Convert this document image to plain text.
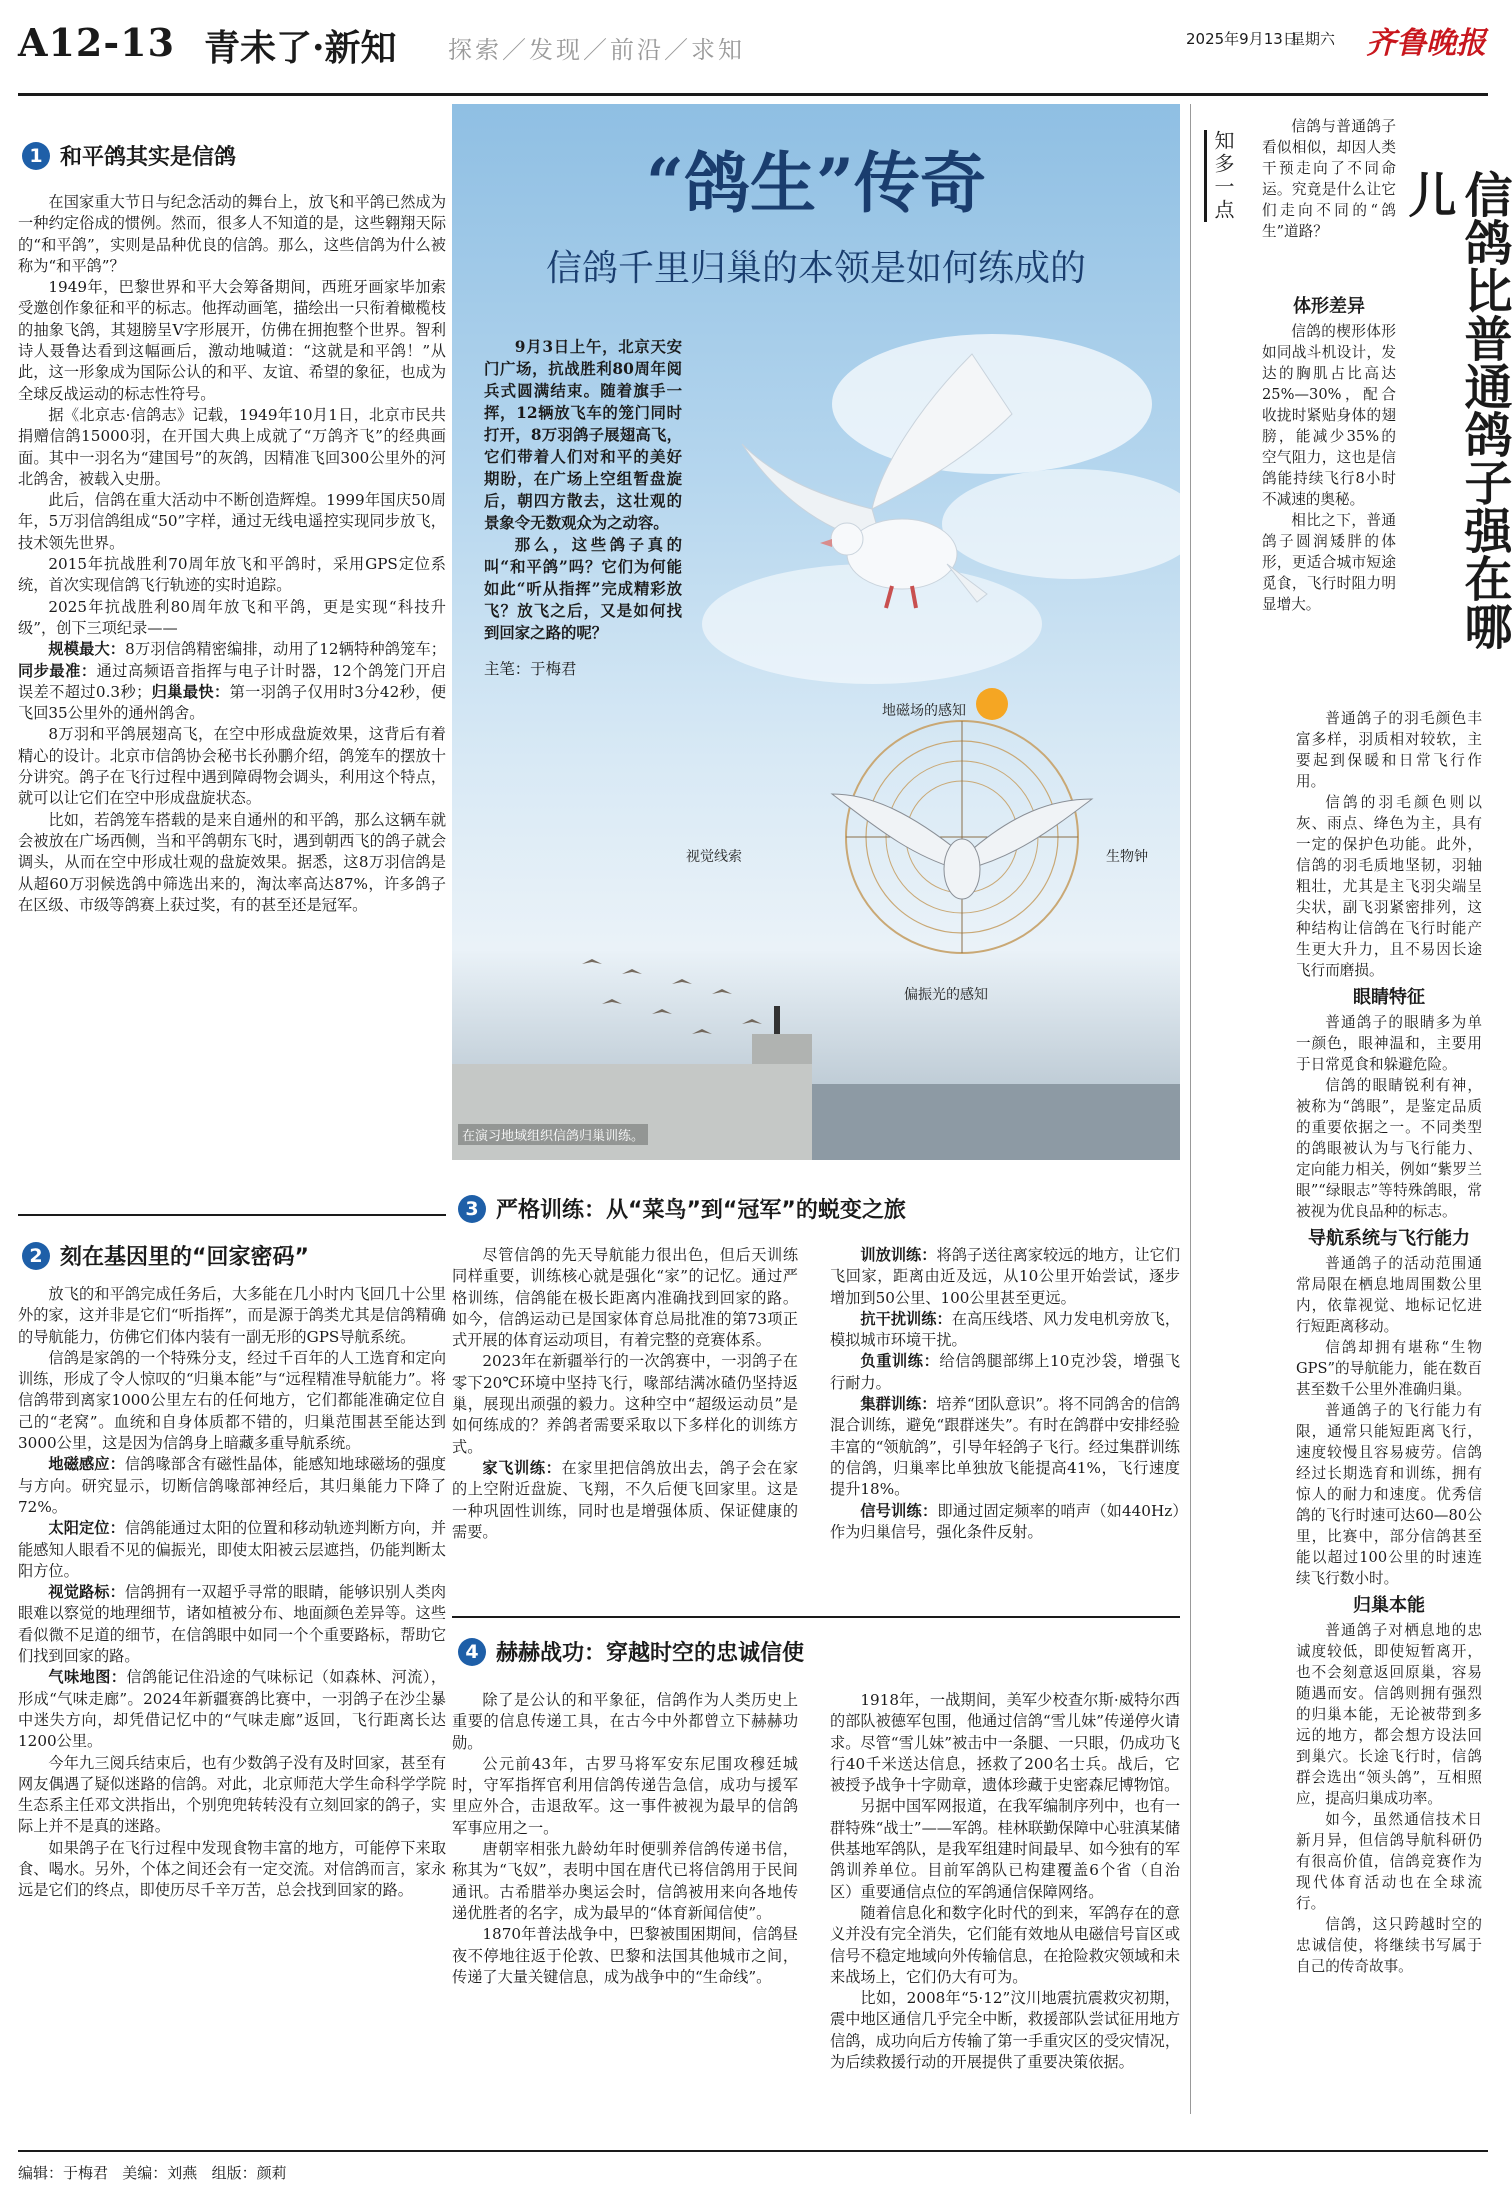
A12-13 青未了·新知 探索／发现／前沿／求知	2025年9月13日
星期六 齐鲁晚报
1 和平鸽其实是信鸽

在国家重大节日与纪念活动的舞台上，放飞和平鸽已然成为一种约定俗成的惯例。然而，很多人不知道的是，这些翱翔天际的“和平鸽”，实则是品种优良的信鸽。那么，这些信鸽为什么被称为“和平鸽”？

1949年，巴黎世界和平大会筹备期间，西班牙画家毕加索受邀创作象征和平的标志。他挥动画笔，描绘出一只衔着橄榄枝的抽象飞鸽，其翅膀呈V字形展开，仿佛在拥抱整个世界。智利诗人聂鲁达看到这幅画后，激动地喊道：“这就是和平鸽！”从此，这一形象成为国际公认的和平、友谊、希望的象征，也成为全球反战运动的标志性符号。

据《北京志·信鸽志》记载，1949年10月1日，北京市民共捐赠信鸽15000羽，在开国大典上成就了“万鸽齐飞”的经典画面。其中一羽名为“建国号”的灰鸽，因精准飞回300公里外的河北鸽舍，被载入史册。

此后，信鸽在重大活动中不断创造辉煌。1999年国庆50周年，5万羽信鸽组成“50”字样，通过无线电遥控实现同步放飞，技术领先世界。

2015年抗战胜利70周年放飞和平鸽时，采用GPS定位系统，首次实现信鸽飞行轨迹的实时追踪。

2025年抗战胜利80周年放飞和平鸽，更是实现“科技升级”，创下三项纪录——

规模最大：8万羽信鸽精密编排，动用了12辆特种鸽笼车；同步最准：通过高频语音指挥与电子计时器，12个鸽笼门开启误差不超过0.3秒；归巢最快：第一羽鸽子仅用时3分42秒，便飞回35公里外的通州鸽舍。

8万羽和平鸽展翅高飞，在空中形成盘旋效果，这背后有着精心的设计。北京市信鸽协会秘书长孙鹏介绍，鸽笼车的摆放十分讲究。鸽子在飞行过程中遇到障碍物会调头，利用这个特点，就可以让它们在空中形成盘旋状态。

比如，若鸽笼车搭载的是来自通州的和平鸽，那么这辆车就会被放在广场西侧，当和平鸽朝东飞时，遇到朝西飞的鸽子就会调头，从而在空中形成壮观的盘旋效果。据悉，这8万羽信鸽是从超60万羽候选鸽中筛选出来的，淘汰率高达87%，许多鸽子在区级、市级等鸽赛上获过奖，有的甚至还是冠军。

2 刻在基因里的“回家密码”

放飞的和平鸽完成任务后，大多能在几小时内飞回几十公里外的家，这并非是它们“听指挥”，而是源于鸽类尤其是信鸽精确的导航能力，仿佛它们体内装有一副无形的GPS导航系统。

信鸽是家鸽的一个特殊分支，经过千百年的人工选育和定向训练，形成了令人惊叹的“归巢本能”与“远程精准导航能力”。将信鸽带到离家1000公里左右的任何地方，它们都能准确定位自己的“老窝”。血统和自身体质都不错的，归巢范围甚至能达到3000公里，这是因为信鸽身上暗藏多重导航系统。

地磁感应：信鸽喙部含有磁性晶体，能感知地球磁场的强度与方向。研究显示，切断信鸽喙部神经后，其归巢能力下降了72%。

太阳定位：信鸽能通过太阳的位置和移动轨迹判断方向，并能感知人眼看不见的偏振光，即使太阳被云层遮挡，仍能判断太阳方位。

视觉路标：信鸽拥有一双超乎寻常的眼睛，能够识别人类肉眼难以察觉的地理细节，诸如植被分布、地面颜色差异等。这些看似微不足道的细节，在信鸽眼中如同一个个重要路标，帮助它们找到回家的路。

气味地图：信鸽能记住沿途的气味标记（如森林、河流），形成“气味走廊”。2024年新疆赛鸽比赛中，一羽鸽子在沙尘暴中迷失方向，却凭借记忆中的“气味走廊”返回，飞行距离长达1200公里。

今年九三阅兵结束后，也有少数鸽子没有及时回家，甚至有网友偶遇了疑似迷路的信鸽。对此，北京师范大学生命科学学院生态系主任邓文洪指出，个别兜兜转转没有立刻回家的鸽子，实际上并不是真的迷路。

如果鸽子在飞行过程中发现食物丰富的地方，可能停下来取食、喝水。另外，个体之间还会有一定交流。对信鸽而言，家永远是它们的终点，即使历尽千辛万苦，总会找到回家的路。

“鸽生”传奇
信鸽千里归巢的本领是如何练成的

9月3日上午，北京天安门广场，抗战胜利80周年阅兵式圆满结束。随着旗手一挥，12辆放飞车的笼门同时打开，8万羽鸽子展翅高飞，它们带着人们对和平的美好期盼，在广场上空组暂盘旋后，朝四方散去，这壮观的景象令无数观众为之动容。

那么，这些鸽子真的叫“和平鸽”吗？它们为何能如此“听从指挥”完成精彩放飞？放飞之后，又是如何找到回家之路的呢？

主笔：于梅君

地磁场的感知
视觉线索	生物钟
偏振光的感知
在演习地域组织信鸽归巢训练。
3 严格训练：从“菜鸟”到“冠军”的蜕变之旅

尽管信鸽的先天导航能力很出色，但后天训练同样重要，训练核心就是强化“家”的记忆。通过严格训练，信鸽能在极长距离内准确找到回家的路。如今，信鸽运动已是国家体育总局批准的第73项正式开展的体育运动项目，有着完整的竞赛体系。

2023年在新疆举行的一次鸽赛中，一羽鸽子在零下20℃环境中坚持飞行，喙部结满冰碴仍坚持返巢，展现出顽强的毅力。这种空中“超级运动员”是如何练成的？养鸽者需要采取以下多样化的训练方式。

家飞训练：在家里把信鸽放出去，鸽子会在家的上空附近盘旋、飞翔，不久后便飞回家里。这是一种巩固性训练，同时也是增强体质、保证健康的需要。

训放训练：将鸽子送往离家较远的地方，让它们飞回家，距离由近及远，从10公里开始尝试，逐步增加到50公里、100公里甚至更远。

抗干扰训练：在高压线塔、风力发电机旁放飞，模拟城市环境干扰。

负重训练：给信鸽腿部绑上10克沙袋，增强飞行耐力。

集群训练：培养“团队意识”。将不同鸽舍的信鸽混合训练，避免“跟群迷失”。有时在鸽群中安排经验丰富的“领航鸽”，引导年轻鸽子飞行。经过集群训练的信鸽，归巢率比单独放飞能提高41%，飞行速度提升18%。

信号训练：即通过固定频率的哨声（如440Hz）作为归巢信号，强化条件反射。

4 赫赫战功：穿越时空的忠诚信使

除了是公认的和平象征，信鸽作为人类历史上重要的信息传递工具，在古今中外都曾立下赫赫功勋。

公元前43年，古罗马将军安东尼围攻穆廷城时，守军指挥官利用信鸽传递告急信，成功与援军里应外合，击退敌军。这一事件被视为最早的信鸽军事应用之一。

唐朝宰相张九龄幼年时便驯养信鸽传递书信，称其为“飞奴”，表明中国在唐代已将信鸽用于民间通讯。古希腊举办奥运会时，信鸽被用来向各地传递优胜者的名字，成为最早的“体育新闻信使”。

1870年普法战争中，巴黎被围困期间，信鸽昼夜不停地往返于伦敦、巴黎和法国其他城市之间，传递了大量关键信息，成为战争中的“生命线”。

1918年，一战期间，美军少校查尔斯·威特尔西的部队被德军包围，他通过信鸽“雪儿妹”传递停火请求。尽管“雪儿妹”被击中一条腿、一只眼，仍成功飞行40千米送达信息，拯救了200名士兵。战后，它被授予战争十字勋章，遗体珍藏于史密森尼博物馆。

另据中国军网报道，在我军编制序列中，也有一群特殊“战士”——军鸽。桂林联勤保障中心驻滇某储供基地军鸽队，是我军组建时间最早、如今独有的军鸽训养单位。目前军鸽队已构建覆盖6个省（自治区）重要通信点位的军鸽通信保障网络。

随着信息化和数字化时代的到来，军鸽存在的意义并没有完全消失，它们能有效地从电磁信号盲区或信号不稳定地域向外传输信息，在抢险救灾领域和未来战场上，它们仍大有可为。

比如，2008年“5·12”汶川地震抗震救灾初期，震中地区通信几乎完全中断，救援部队尝试征用地方信鸽，成功向后方传输了第一手重灾区的受灾情况，为后续救援行动的开展提供了重要决策依据。

知多一点	信鸽比普通鸽子强在哪儿
信鸽与普通鸽子看似相似，却因人类干预走向了不同命运。究竟是什么让它们走向不同的“鸽生”道路？
体形差异

信鸽的楔形体形如同战斗机设计，发达的胸肌占比高达25%—30%，配合收拢时紧贴身体的翅膀，能减少35%的空气阻力，这也是信鸽能持续飞行8小时不减速的奥秘。

相比之下，普通鸽子圆润矮胖的体形，更适合城市短途觅食，飞行时阻力明显增大。

普通鸽子的羽毛颜色丰富多样，羽质相对较软，主要起到保暖和日常飞行作用。

信鸽的羽毛颜色则以灰、雨点、绛色为主，具有一定的保护色功能。此外，信鸽的羽毛质地坚韧，羽轴粗壮，尤其是主飞羽尖端呈尖状，副飞羽紧密排列，这种结构让信鸽在飞行时能产生更大升力，且不易因长途飞行而磨损。

眼睛特征

普通鸽子的眼睛多为单一颜色，眼神温和，主要用于日常觅食和躲避危险。

信鸽的眼睛锐利有神，被称为“鸽眼”，是鉴定品质的重要依据之一。不同类型的鸽眼被认为与飞行能力、定向能力相关，例如“紫罗兰眼”“绿眼志”等特殊鸽眼，常被视为优良品种的标志。

导航系统与飞行能力

普通鸽子的活动范围通常局限在栖息地周围数公里内，依靠视觉、地标记忆进行短距离移动。

信鸽却拥有堪称“生物GPS”的导航能力，能在数百甚至数千公里外准确归巢。

普通鸽子的飞行能力有限，通常只能短距离飞行，速度较慢且容易疲劳。信鸽经过长期选育和训练，拥有惊人的耐力和速度。优秀信鸽的飞行时速可达60—80公里，比赛中，部分信鸽甚至能以超过100公里的时速连续飞行数小时。

归巢本能

普通鸽子对栖息地的忠诚度较低，即使短暂离开，也不会刻意返回原巢，容易随遇而安。信鸽则拥有强烈的归巢本能，无论被带到多远的地方，都会想方设法回到巢穴。长途飞行时，信鸽群会选出“领头鸽”，互相照应，提高归巢成功率。

如今，虽然通信技术日新月异，但信鸽导航科研仍有很高价值，信鸽竞赛作为现代体育活动也在全球流行。

信鸽，这只跨越时空的忠诚信使，将继续书写属于自己的传奇故事。

编辑：于梅君   美编：刘燕   组版：颜莉
